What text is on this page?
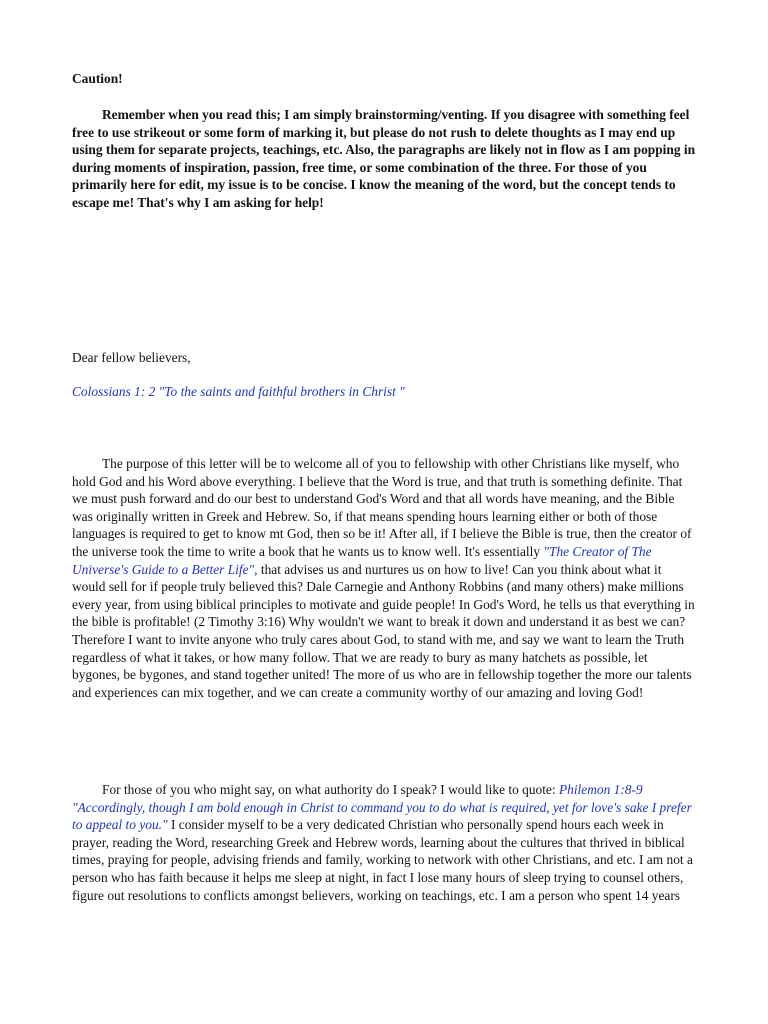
Caution!
Remember when you read this; I am simply brainstorming/venting. If you disagree with something feel free to use strikeout or some form of marking it, but please do not rush to delete thoughts as I may end up using them for separate projects, teachings, etc. Also, the paragraphs are likely not in flow as I am popping in during moments of inspiration, passion, free time, or some combination of the three. For those of you primarily here for edit, my issue is to be concise. I know the meaning of the word, but the concept tends to escape me! That's why I am asking for help!
Dear fellow believers,
Colossians 1: 2 "To the saints and faithful brothers in Christ "
The purpose of this letter will be to welcome all of you to fellowship with other Christians like myself, who hold God and his Word above everything. I believe that the Word is true, and that truth is something definite. That we must push forward and do our best to understand God's Word and that all words have meaning, and the Bible was originally written in Greek and Hebrew. So, if that means spending hours learning either or both of those languages is required to get to know mt God, then so be it! After all, if I believe the Bible is true, then the creator of the universe took the time to write a book that he wants us to know well. It's essentially "The Creator of The Universe's Guide to a Better Life", that advises us and nurtures us on how to live! Can you think about what it would sell for if people truly believed this? Dale Carnegie and Anthony Robbins (and many others) make millions every year, from using biblical principles to motivate and guide people! In God's Word, he tells us that everything in the bible is profitable! (2 Timothy 3:16) Why wouldn't we want to break it down and understand it as best we can? Therefore I want to invite anyone who truly cares about God, to stand with me, and say we want to learn the Truth regardless of what it takes, or how many follow. That we are ready to bury as many hatchets as possible, let bygones, be bygones, and stand together united! The more of us who are in fellowship together the more our talents and experiences can mix together, and we can create a community worthy of our amazing and loving God!
For those of you who might say, on what authority do I speak? I would like to quote: Philemon 1:8-9 "Accordingly, though I am bold enough in Christ to command you to do what is required, yet for love's sake I prefer to appeal to you." I consider myself to be a very dedicated Christian who personally spend hours each week in prayer, reading the Word, researching Greek and Hebrew words, learning about the cultures that thrived in biblical times, praying for people, advising friends and family, working to network with other Christians, and etc. I am not a person who has faith because it helps me sleep at night, in fact I lose many hours of sleep trying to counsel others, figure out resolutions to conflicts amongst believers, working on teachings, etc. I am a person who spent 14 years
